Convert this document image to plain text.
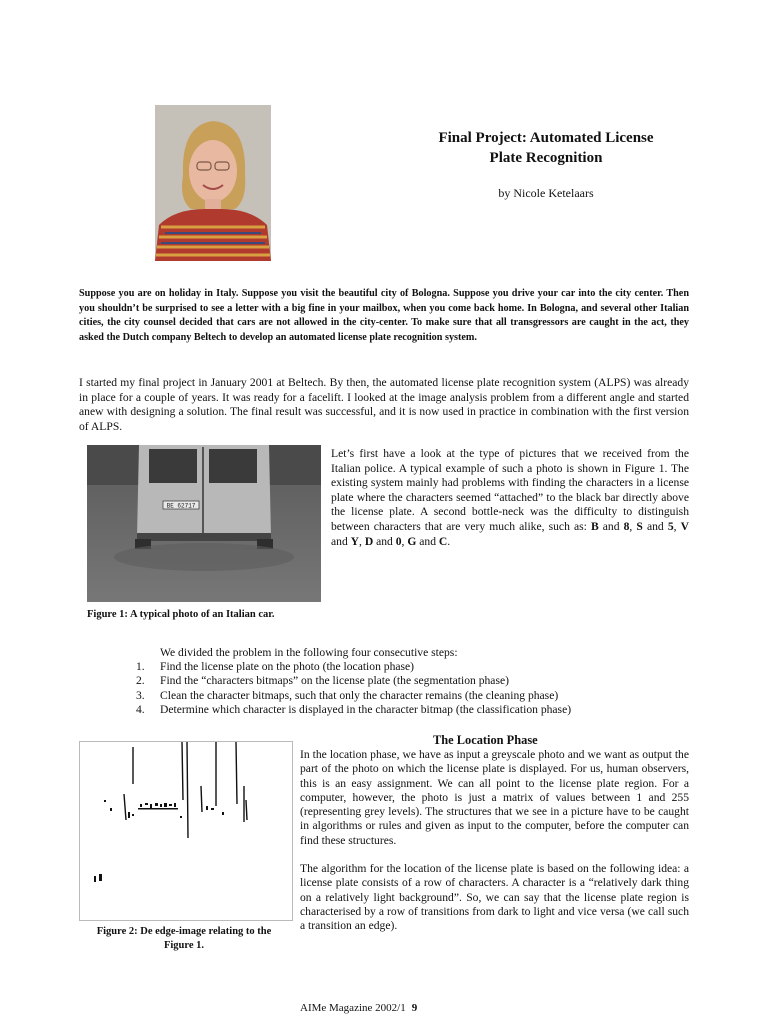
Final Project: Automated License
Plate Recognition
by Nicole Ketelaars
Suppose you are on holiday in Italy. Suppose you visit the beautiful city of Bologna. Suppose you drive your car into the city center. Then you shouldn’t be surprised to see a letter with a big fine in your mailbox, when you come back home. In Bologna, and several other Italian cities, the city counsel decided that cars are not allowed in the city-center. To make sure that all transgressors are caught in the act, they asked the Dutch company Beltech to develop an automated license plate recognition system.
I started my final project in January 2001 at Beltech. By then, the automated license plate recognition system (ALPS) was already in place for a couple of years. It was ready for a facelift. I looked at the image analysis problem from a different angle and started anew with designing a solution. The final result was successful, and it is now used in practice in combination with the first version of ALPS.
BE 62717
Figure 1: A typical photo of an Italian car.
Let’s first have a look at the type of pictures that we received from the Italian police. A typical example of such a photo is shown in Figure 1. The existing system mainly had problems with finding the characters in a license plate where the characters seemed “attached” to the black bar directly above the license plate. A second bottle-neck was the difficulty to distinguish between characters that are very much alike, such as: B and 8, S and 5, V and Y, D and 0, G and C.
We divided the problem in the following four consecutive steps:
1.	Find the license plate on the photo (the location phase)
2.	Find the “characters bitmaps” on the license plate (the segmentation phase)
3.	Clean the character bitmaps, such that only the character remains (the cleaning phase)
4.	Determine which character is displayed in the character bitmap (the classification phase)
The Location Phase
Figure 2: De edge-image relating to the Figure 1.
In the location phase, we have as input a greyscale photo and we want as output the part of the photo on which the license plate is displayed. For us, human observers, this is an easy assignment. We can all point to the license plate region. For a computer, however, the photo is just a matrix of values between 1 and 255 (representing grey levels). The structures that we see in a picture have to be caught in algorithms or rules and given as input to the computer, before the computer can find these structures.
The algorithm for the location of the license plate is based on the following idea: a license plate consists of a row of characters. A character is a “relatively dark thing on a relatively light background”. So, we can say that the license plate region is characterised by a row of transitions from dark to light and vice versa (we call such a transition an edge).
AIMe Magazine 2002/1 9
